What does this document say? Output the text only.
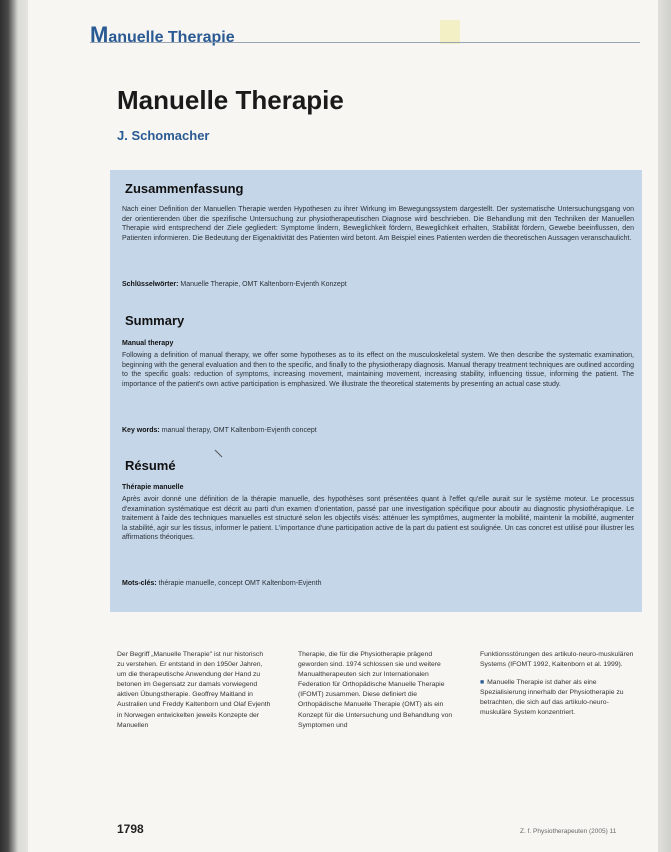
Manuelle Therapie
Manuelle Therapie
J. Schomacher
Zusammenfassung

Nach einer Definition der Manuellen Therapie werden Hypothesen zu ihrer Wirkung im Bewegungssystem dargestellt. Der systematische Untersuchungsgang von der orientierenden über die spezifische Untersuchung zur physiotherapeutischen Diagnose wird beschrieben. Die Behandlung mit den Techniken der Manuellen Therapie wird entsprechend der Ziele gegliedert: Symptome lindern, Beweglichkeit fördern, Beweglichkeit erhalten, Stabilität fördern, Gewebe beeinflussen, den Patienten informieren. Die Bedeutung der Eigenaktivität des Patienten wird betont. Am Beispiel eines Patienten werden die theoretischen Aussagen veranschaulicht.

Schlüsselwörter: Manuelle Therapie, OMT Kaltenborn-Evjenth Konzept

Summary
Manual therapy

Following a definition of manual therapy, we offer some hypotheses as to its effect on the musculoskeletal system. We then describe the systematic examination, beginning with the general evaluation and then to the specific, and finally to the physiotherapy diagnosis. Manual therapy treatment techniques are outlined according to the specific goals: reduction of symptoms, increasing movement, maintaining movement, increasing stability, influencing tissue, informing the patient. The importance of the patient's own active participation is emphasized. We illustrate the theoretical statements by presenting an actual case study.

Key words: manual therapy, OMT Kaltenborn-Evjenth concept

Résumé
Thérapie manuelle

Après avoir donné une définition de la thérapie manuelle, des hypothèses sont présentées quant à l'effet qu'elle aurait sur le système moteur. Le processus d'examination systématique est décrit au parti d'un examen d'orientation, passé par une investigation spécifique pour aboutir au diagnostic physiothérapique. Le traitement à l'aide des techniques manuelles est structuré selon les objectifs visés: atténuer les symptômes, augmenter la mobilité, maintenir la mobilité, augmenter la stabilité, agir sur les tissus, informer le patient. L'importance d'une participation active de la part du patient est soulignée. Un cas concret est utilisé pour illustrer les affirmations théoriques.

Mots-clés: thérapie manuelle, concept OMT Kaltenborn-Evjenth

Der Begriff „Manuelle Therapie" ist nur historisch zu verstehen. Er entstand in den 1950er Jahren, um die therapeutische Anwendung der Hand zu betonen im Gegensatz zur damals vorwiegend aktiven Übungstherapie. Geoffrey Maitland in Australien und Freddy Kaltenborn und Olaf Evjenth in Norwegen entwickelten jeweils Konzepte der Manuellen

Therapie, die für die Physiotherapie prägend geworden sind. 1974 schlossen sie und weitere Manualtherapeuten sich zur Internationalen Federation für Orthopädische Manuelle Therapie (IFOMT) zusammen. Diese definiert die Orthopädische Manuelle Therapie (OMT) als ein Konzept für die Untersuchung und Behandlung von Symptomen und

Funktionsstörungen des artikulo-neuro-muskulären Systems (IFOMT 1992, Kaltenborn et al. 1999).

■ Manuelle Therapie ist daher als eine Spezialisierung innerhalb der Physiotherapie zu betrachten, die sich auf das artikulo-neuro-muskuläre System konzentriert.

1798	Z. f. Physiotherapeuten (2005) 11
